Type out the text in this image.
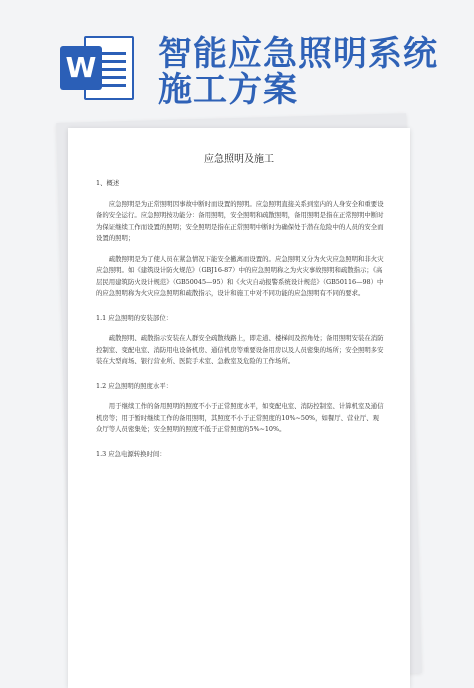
W 智能应急照明系统
施工方案
应急照明及施工
1、概述
应急照明是为正常照明因事故中断时而设置的照明。应急照明直接关系到室内的人身安全和重要设备的安全运行。应急照明按功能分：备用照明，安全照明和疏散照明，备用照明是指在正常照明中断时为保证继续工作而设置的照明；安全照明是指在正常照明中断时为确保处于潜在危险中的人员的安全而设置的照明；
疏散照明是为了使人员在紧急情况下能安全撤离而设置的。应急照明又分为火灾应急照明和非火灾应急照明。如《建筑设计防火规范》（GBJ16-87）中的应急照明称之为火灾事故照明和疏散指示；《高层民用建筑防火设计规范》（GB50045—95）和《火灾自动报警系统设计规范》（GB50116—98）中的应急照明称为火灾应急照明和疏散指示，设计和施工中对不同功能的应急照明有不同的要求。
1.1 应急照明的安装部位：
疏散照明、疏散指示安装在人群安全疏散线路上，即走道、楼梯间及拐角处；备用照明安装在消防控制室、变配电室、消防用电设备机房、通信机房等重要设备用房以及人员密集的场所；安全照明多安装在大型商场、银行营业所、医院手术室、急救室及危险的工作场所。
1.2 应急照明的照度水平：
用于继续工作的备用照明的照度不小于正常照度水平，如变配电室、消防控制室、计算机室及通信机房等；用于暂时继续工作的备用照明，其照度不小于正常照度的10%~50%，如餐厅、营业厅、观众厅等人员密集处；安全照明的照度不低于正常照度的5%~10%。
1.3 应急电源转换时间：
